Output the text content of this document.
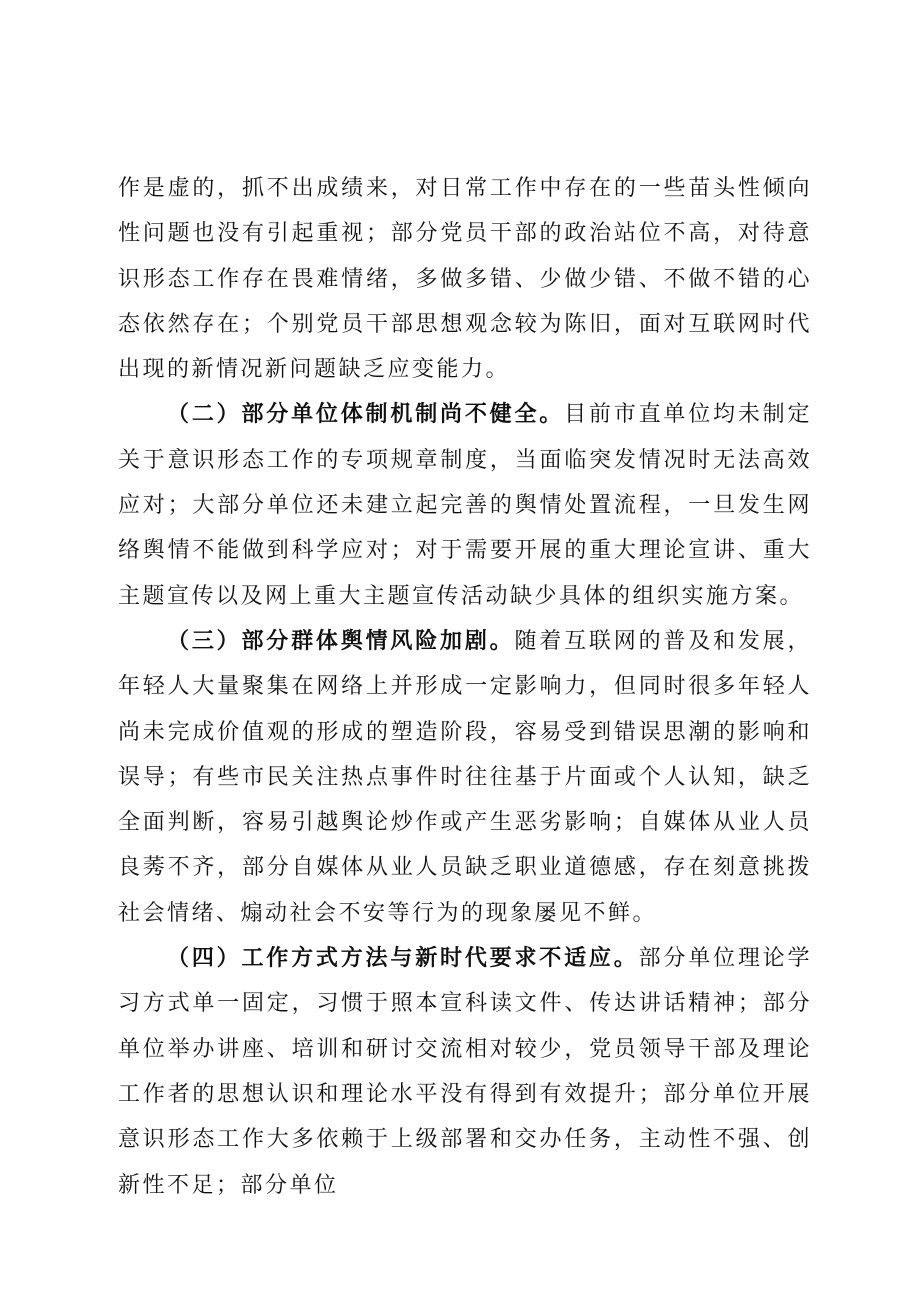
作是虚的，抓不出成绩来，对日常工作中存在的一些苗头性倾向性问题也没有引起重视；部分党员干部的政治站位不高，对待意识形态工作存在畏难情绪，多做多错、少做少错、不做不错的心态依然存在；个别党员干部思想观念较为陈旧，面对互联网时代出现的新情况新问题缺乏应变能力。

（二）部分单位体制机制尚不健全。目前市直单位均未制定关于意识形态工作的专项规章制度，当面临突发情况时无法高效应对；大部分单位还未建立起完善的舆情处置流程，一旦发生网络舆情不能做到科学应对；对于需要开展的重大理论宣讲、重大主题宣传以及网上重大主题宣传活动缺少具体的组织实施方案。

（三）部分群体舆情风险加剧。随着互联网的普及和发展，年轻人大量聚集在网络上并形成一定影响力，但同时很多年轻人尚未完成价值观的形成的塑造阶段，容易受到错误思潮的影响和误导；有些市民关注热点事件时往往基于片面或个人认知，缺乏全面判断，容易引越舆论炒作或产生恶劣影响；自媒体从业人员良莠不齐，部分自媒体从业人员缺乏职业道德感，存在刻意挑拨社会情绪、煽动社会不安等行为的现象屡见不鲜。

（四）工作方式方法与新时代要求不适应。部分单位理论学习方式单一固定，习惯于照本宣科读文件、传达讲话精神；部分单位举办讲座、培训和研讨交流相对较少，党员领导干部及理论工作者的思想认识和理论水平没有得到有效提升；部分单位开展意识形态工作大多依赖于上级部署和交办任务，主动性不强、创新性不足；部分单位
